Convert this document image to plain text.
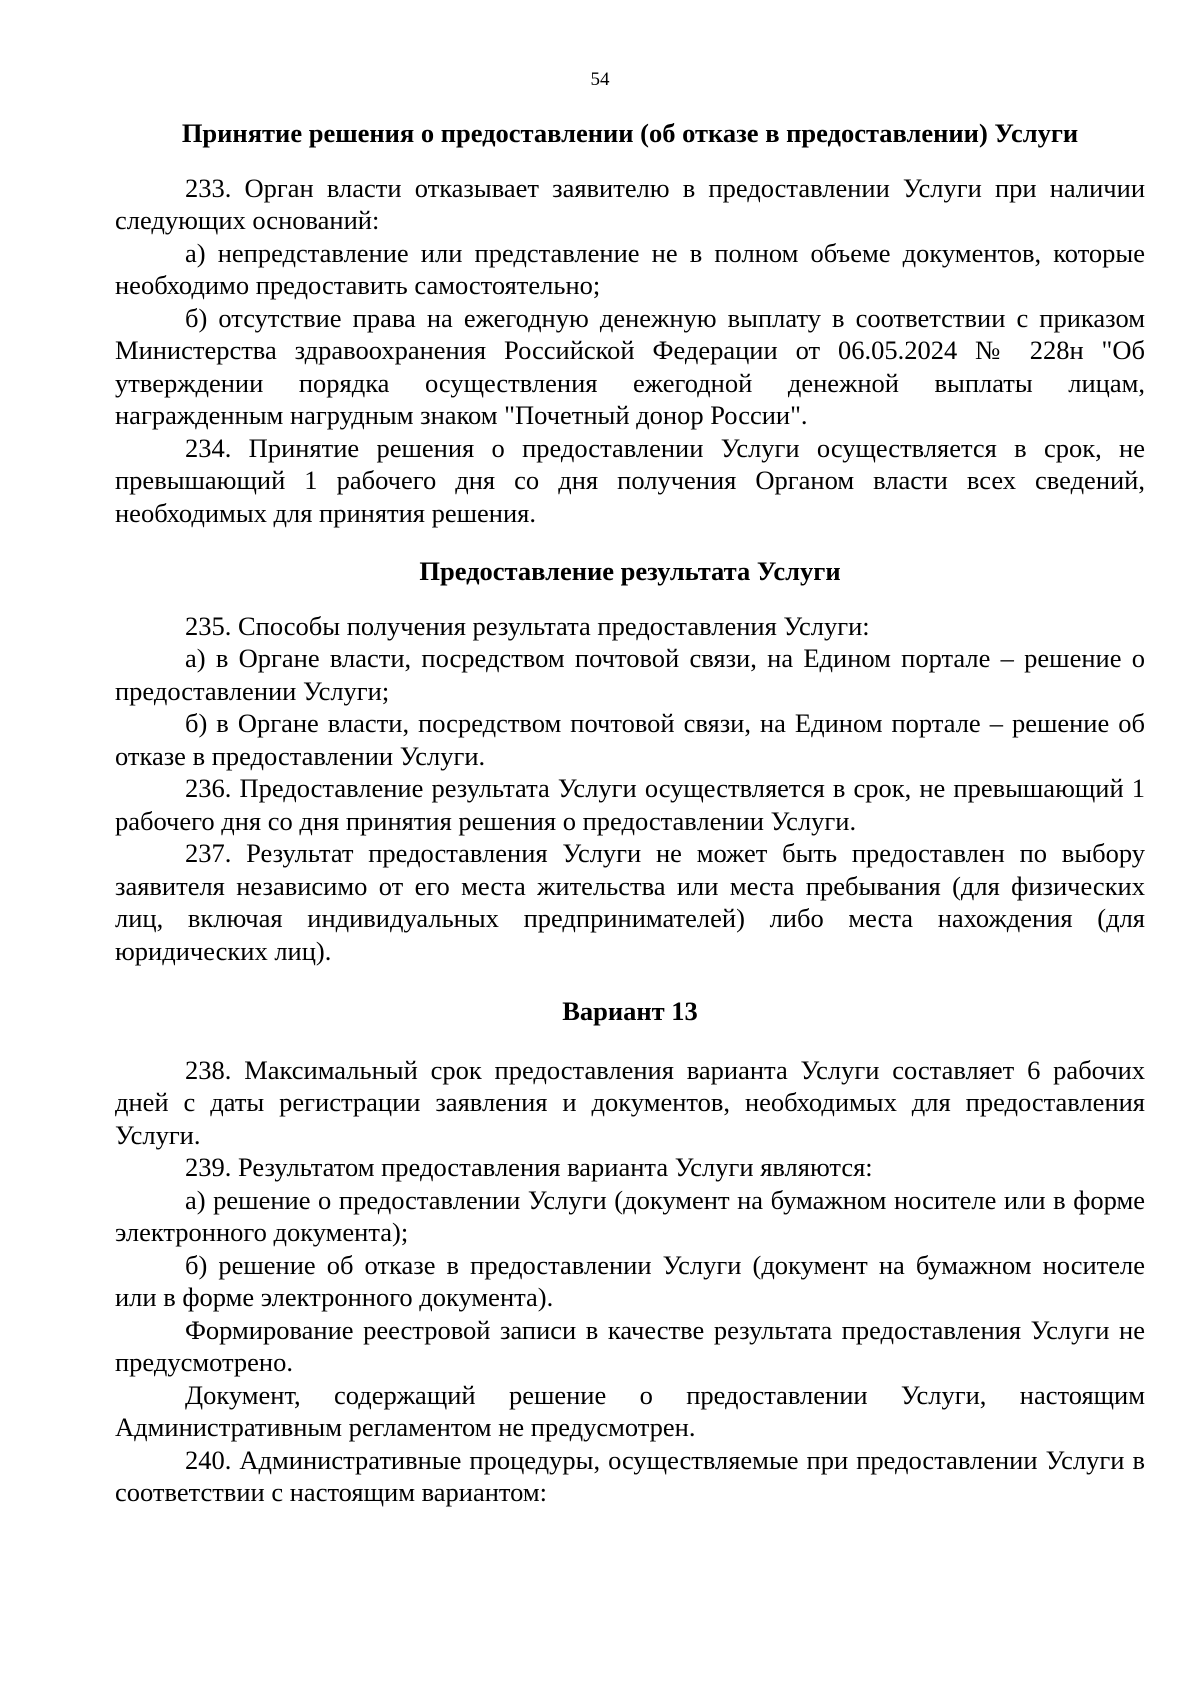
54
Принятие решения о предоставлении (об отказе в предоставлении) Услуги

233. Орган власти отказывает заявителю в предоставлении Услуги при наличии следующих оснований:

а) непредставление или представление не в полном объеме документов, которые необходимо предоставить самостоятельно;

б) отсутствие права на ежегодную денежную выплату в соответствии с приказом Министерства здравоохранения Российской Федерации от 06.05.2024 № 228н "Об утверждении порядка осуществления ежегодной денежной выплаты лицам, награжденным нагрудным знаком "Почетный донор России".

234. Принятие решения о предоставлении Услуги осуществляется в срок, не превышающий 1 рабочего дня со дня получения Органом власти всех сведений, необходимых для принятия решения.

Предоставление результата Услуги

235. Способы получения результата предоставления Услуги:

а) в Органе власти, посредством почтовой связи, на Едином портале – решение о предоставлении Услуги;

б) в Органе власти, посредством почтовой связи, на Едином портале – решение об отказе в предоставлении Услуги.

236. Предоставление результата Услуги осуществляется в срок, не превышающий 1 рабочего дня со дня принятия решения о предоставлении Услуги.

237. Результат предоставления Услуги не может быть предоставлен по выбору заявителя независимо от его места жительства или места пребывания (для физических лиц, включая индивидуальных предпринимателей) либо места нахождения (для юридических лиц).

Вариант 13

238. Максимальный срок предоставления варианта Услуги составляет 6 рабочих дней с даты регистрации заявления и документов, необходимых для предоставления Услуги.

239. Результатом предоставления варианта Услуги являются:

а) решение о предоставлении Услуги (документ на бумажном носителе или в форме электронного документа);

б) решение об отказе в предоставлении Услуги (документ на бумажном носителе или в форме электронного документа).

Формирование реестровой записи в качестве результата предоставления Услуги не предусмотрено.

Документ, содержащий решение о предоставлении Услуги, настоящим Административным регламентом не предусмотрен.

240. Административные процедуры, осуществляемые при предоставлении Услуги в соответствии с настоящим вариантом:
